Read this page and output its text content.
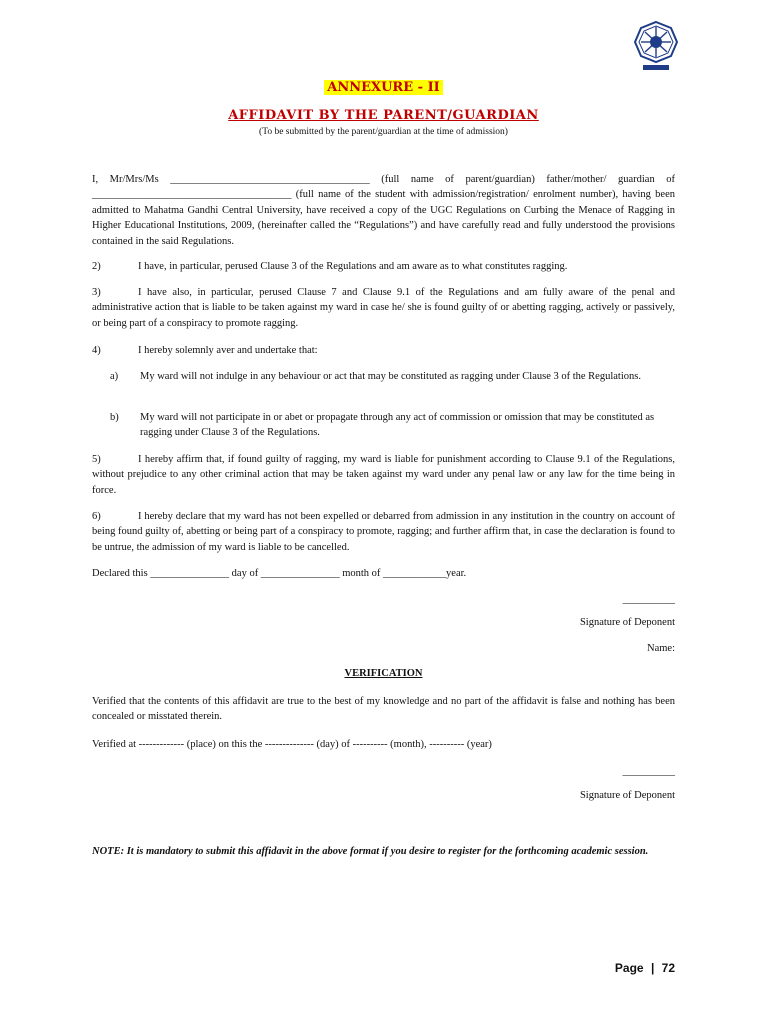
ANNEXURE - II
AFFIDAVIT BY THE PARENT/GUARDIAN
(To be submitted by the parent/guardian at the time of admission)
I, Mr/Mrs/Ms ______________________________________ (full name of parent/guardian) father/mother/ guardian of ______________________________________ (full name of the student with admission/registration/ enrolment number), having been admitted to Mahatma Gandhi Central University, have received a copy of the UGC Regulations on Curbing the Menace of Ragging in Higher Educational Institutions, 2009, (hereinafter called the “Regulations”) and have carefully read and fully understood the provisions contained in the said Regulations.
2)	I have, in particular, perused Clause 3 of the Regulations and am aware as to what constitutes ragging.
3)	I have also, in particular, perused Clause 7 and Clause 9.1 of the Regulations and am fully aware of the penal and administrative action that is liable to be taken against my ward in case he/ she is found guilty of or abetting ragging, actively or passively, or being part of a conspiracy to promote ragging.
4)	I hereby solemnly aver and undertake that:
a) My ward will not indulge in any behaviour or act that may be constituted as ragging under Clause 3 of the Regulations.
b) My ward will not participate in or abet or propagate through any act of commission or omission that may be constituted as ragging under Clause 3 of the Regulations.
5)	I hereby affirm that, if found guilty of ragging, my ward is liable for punishment according to Clause 9.1 of the Regulations, without prejudice to any other criminal action that may be taken against my ward under any penal law or any law for the time being in force.
6)	I hereby declare that my ward has not been expelled or debarred from admission in any institution in the country on account of being found guilty of, abetting or being part of a conspiracy to promote, ragging; and further affirm that, in case the declaration is found to be untrue, the admission of my ward is liable to be cancelled.
Declared this _______________ day of _______________ month of ____________year.
__________
Signature of Deponent
Name:
VERIFICATION
Verified that the contents of this affidavit are true to the best of my knowledge and no part of the affidavit is false and nothing has been concealed or misstated therein.
Verified at ------------- (place) on this the -------------- (day) of ---------- (month), ---------- (year)
__________
Signature of Deponent
NOTE: It is mandatory to submit this affidavit in the above format if you desire to register for the forthcoming academic session.
Page | 72
